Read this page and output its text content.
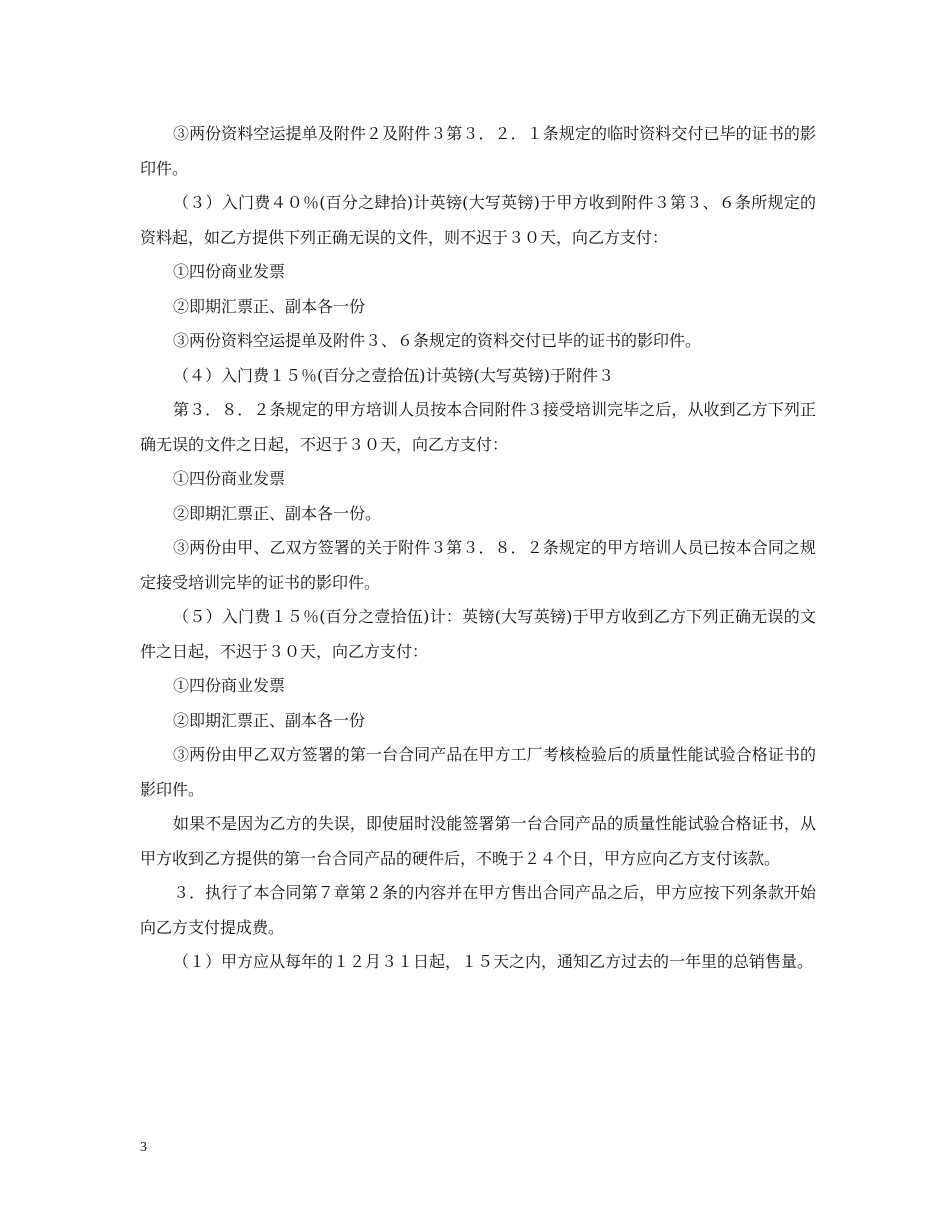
③两份资料空运提单及附件２及附件３第３．２．１条规定的临时资料交付已毕的证书的影印件。

（３）入门费４０％(百分之肆拾)计英镑(大写英镑)于甲方收到附件３第３、６条所规定的资料起，如乙方提供下列正确无误的文件，则不迟于３０天，向乙方支付：

①四份商业发票

②即期汇票正、副本各一份

③两份资料空运提单及附件３、６条规定的资料交付已毕的证书的影印件。

（４）入门费１５％(百分之壹拾伍)计英镑(大写英镑)于附件３

第３．８．２条规定的甲方培训人员按本合同附件３接受培训完毕之后，从收到乙方下列正确无误的文件之日起，不迟于３０天，向乙方支付：

①四份商业发票

②即期汇票正、副本各一份。

③两份由甲、乙双方签署的关于附件３第３．８．２条规定的甲方培训人员已按本合同之规定接受培训完毕的证书的影印件。

（５）入门费１５％(百分之壹拾伍)计：英镑(大写英镑)于甲方收到乙方下列正确无误的文件之日起，不迟于３０天，向乙方支付：

①四份商业发票

②即期汇票正、副本各一份

③两份由甲乙双方签署的第一台合同产品在甲方工厂考核检验后的质量性能试验合格证书的影印件。

如果不是因为乙方的失误，即使届时没能签署第一台合同产品的质量性能试验合格证书，从甲方收到乙方提供的第一台合同产品的硬件后，不晚于２４个日，甲方应向乙方支付该款。

３．执行了本合同第７章第２条的内容并在甲方售出合同产品之后，甲方应按下列条款开始向乙方支付提成费。

（１）甲方应从每年的１２月３１日起，１５天之内，通知乙方过去的一年里的总销售量。

3
